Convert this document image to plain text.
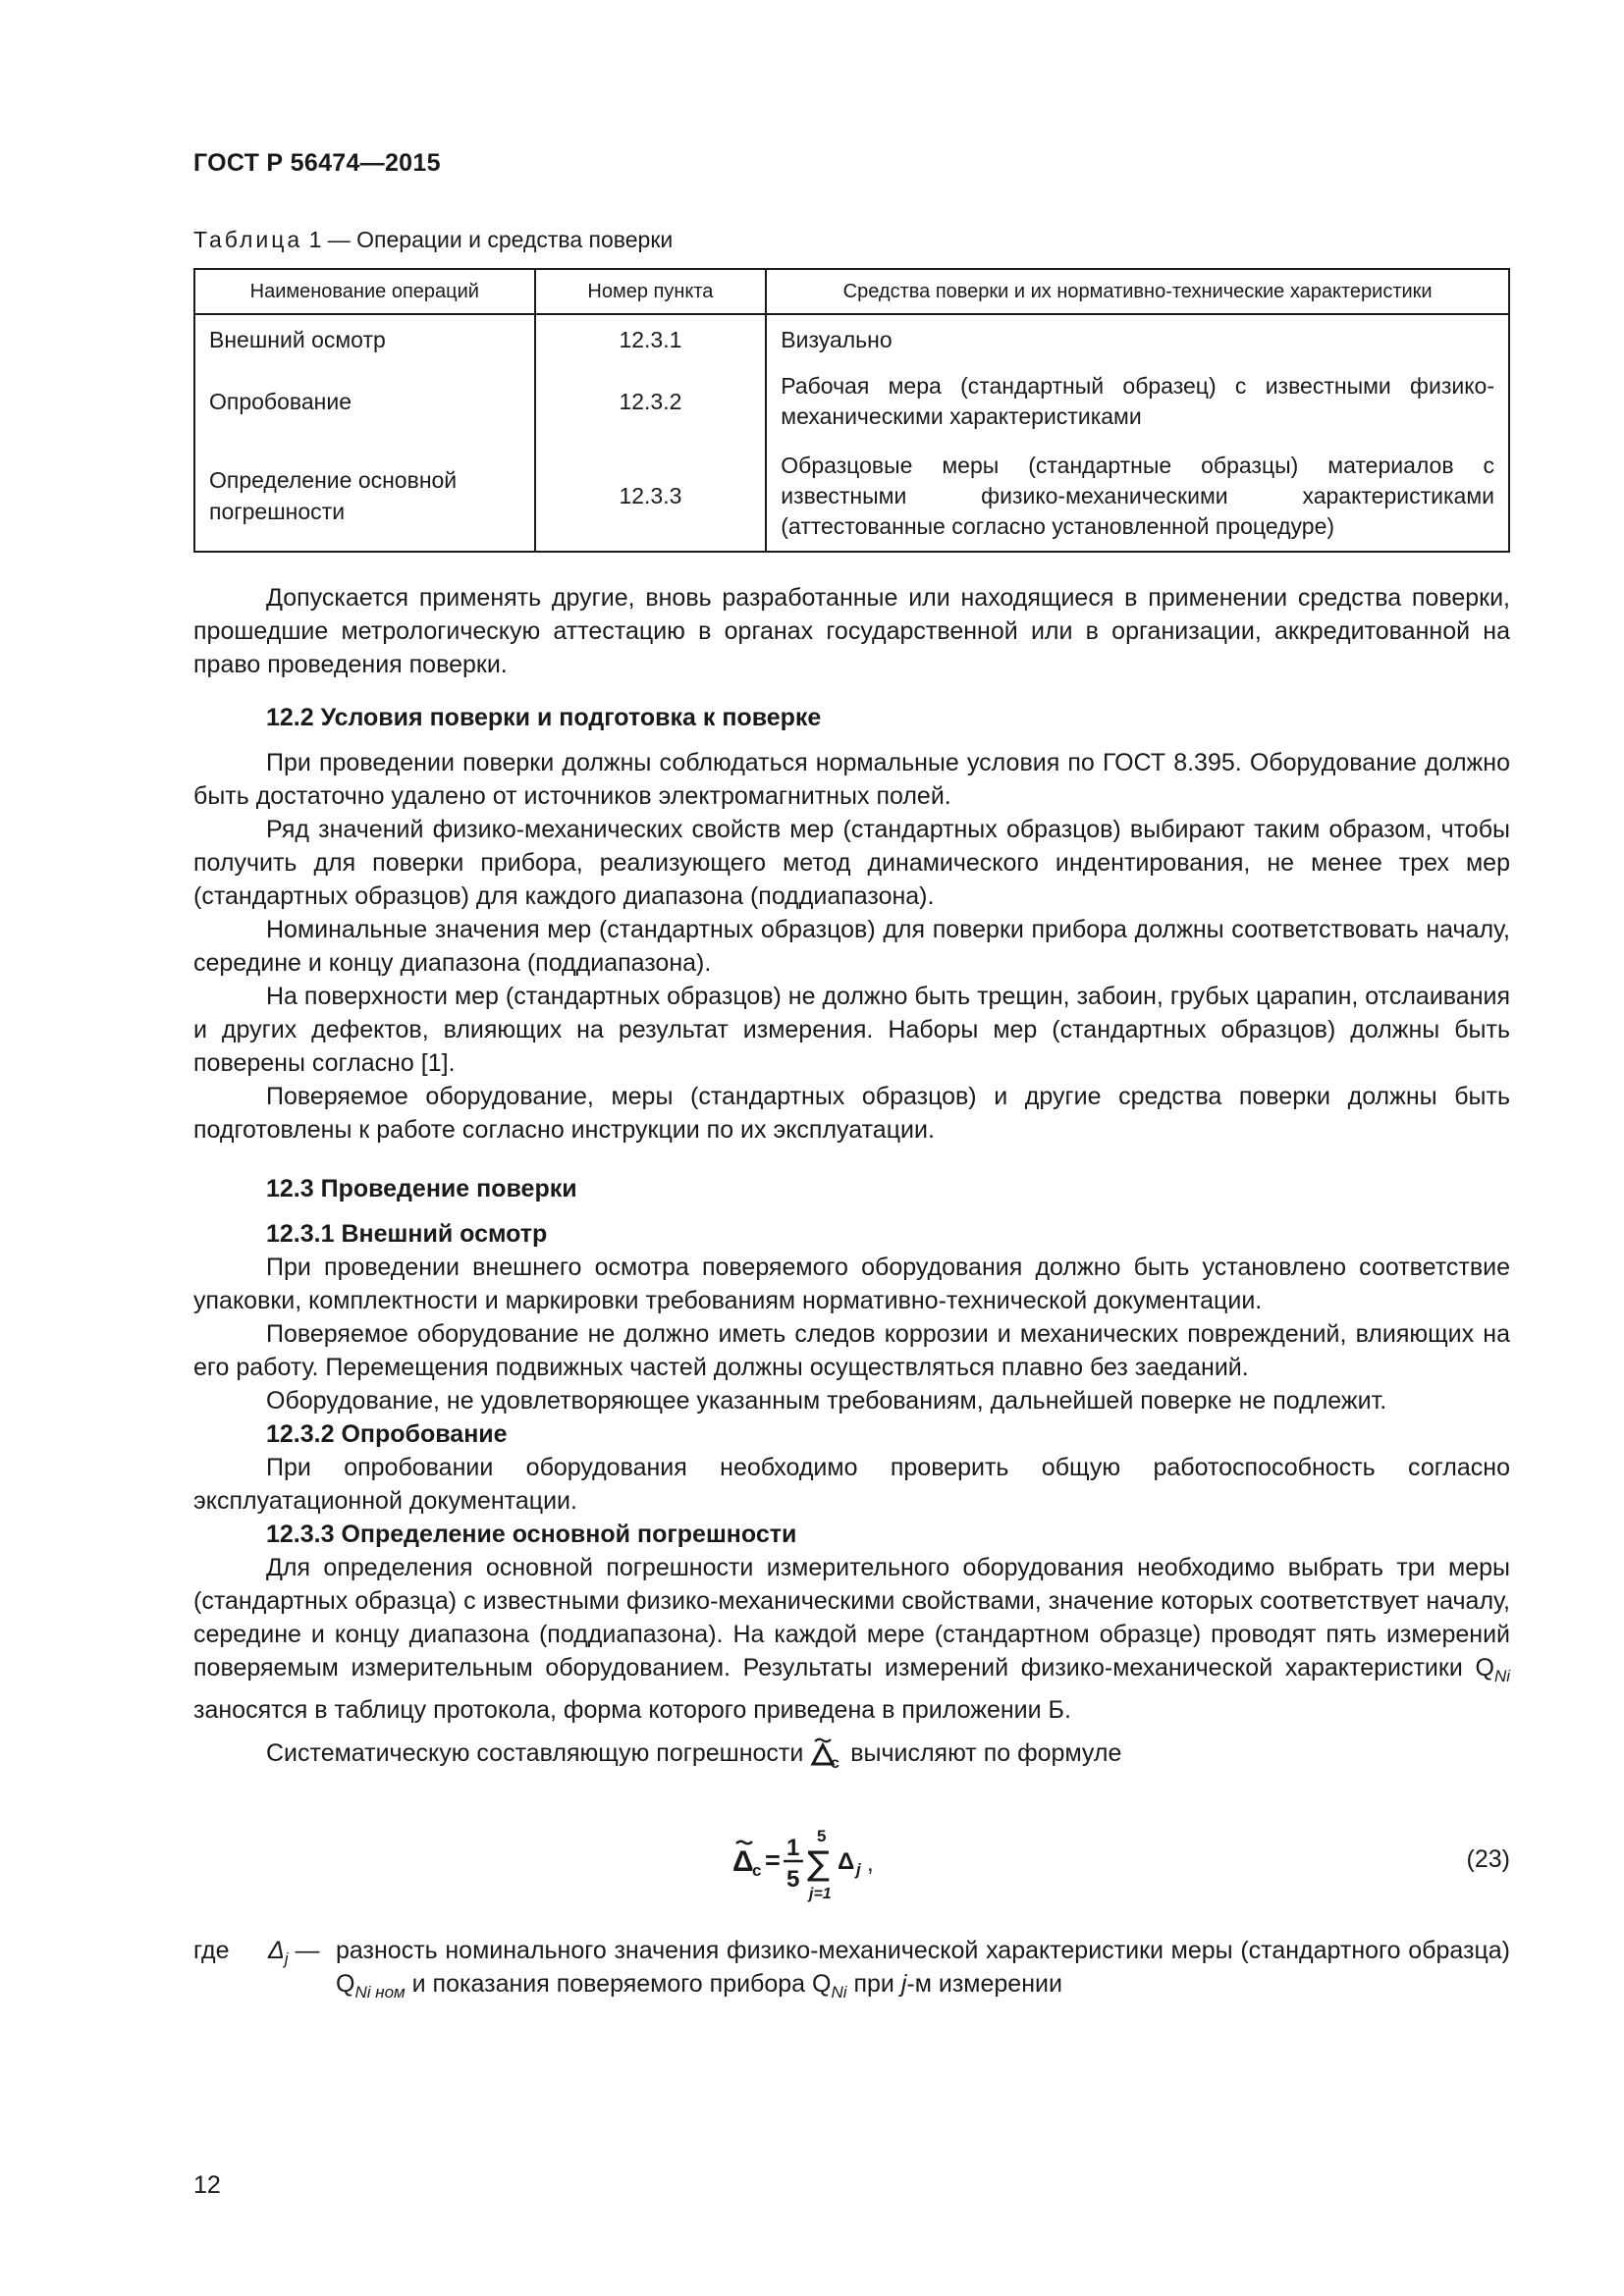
ГОСТ Р 56474—2015
Таблица 1 — Операции и средства поверки
Наименование операций	Номер пункта	Средства поверки и их нормативно-технические характеристики
Внешний осмотр	12.3.1	Визуально
Опробование	12.3.2	Рабочая мера (стандартный образец) с известными физико-механическими характеристиками
Определение основной погрешности	12.3.3	Образцовые меры (стандартные образцы) материалов с известными физико-механическими характеристиками (аттестованные согласно установленной процедуре)

Допускается применять другие, вновь разработанные или находящиеся в применении средства поверки, прошедшие метрологическую аттестацию в органах государственной или в организации, аккредитованной на право проведения поверки.

12.2 Условия поверки и подготовка к поверке

При проведении поверки должны соблюдаться нормальные условия по ГОСТ 8.395. Оборудование должно быть достаточно удалено от источников электромагнитных полей.

Ряд значений физико-механических свойств мер (стандартных образцов) выбирают таким образом, чтобы получить для поверки прибора, реализующего метод динамического индентирования, не менее трех мер (стандартных образцов) для каждого диапазона (поддиапазона).

Номинальные значения мер (стандартных образцов) для поверки прибора должны соответствовать началу, середине и концу диапазона (поддиапазона).

На поверхности мер (стандартных образцов) не должно быть трещин, забоин, грубых царапин, отслаивания и других дефектов, влияющих на результат измерения. Наборы мер (стандартных образцов) должны быть поверены согласно [1].

Поверяемое оборудование, меры (стандартных образцов) и другие средства поверки должны быть подготовлены к работе согласно инструкции по их эксплуатации.

12.3 Проведение поверки
12.3.1 Внешний осмотр

При проведении внешнего осмотра поверяемого оборудования должно быть установлено соответствие упаковки, комплектности и маркировки требованиям нормативно-технической документации.

Поверяемое оборудование не должно иметь следов коррозии и механических повреждений, влияющих на его работу. Перемещения подвижных частей должны осуществляться плавно без заеданий.

Оборудование, не удовлетворяющее указанным требованиям, дальнейшей поверке не подлежит.

12.3.2 Опробование

При опробовании оборудования необходимо проверить общую работоспособность согласно эксплуатационной документации.

12.3.3 Определение основной погрешности

Для определения основной погрешности измерительного оборудования необходимо выбрать три меры (стандартных образца) с известными физико-механическими свойствами, значение которых соответствует началу, середине и концу диапазона (поддиапазона). На каждой мере (стандартном образце) проводят пять измерений поверяемым измерительным оборудованием. Результаты измерений физико-механической характеристики $Q_{Ni}$ заносятся в таблицу протокола, форма которого приведена в приложении Б.

Систематическую составляющую погрешности c вычисляют по формуле

Δ
c = 1
5
5
∑
j=1
Δ j ,	(23)
где $\Delta_j$ — разность номинального значения физико-механической характеристики меры (стандартного образца) $Q_{Ni ном}$ и показания поверяемого прибора $Q_{Ni}$ при j-м измерении
12
